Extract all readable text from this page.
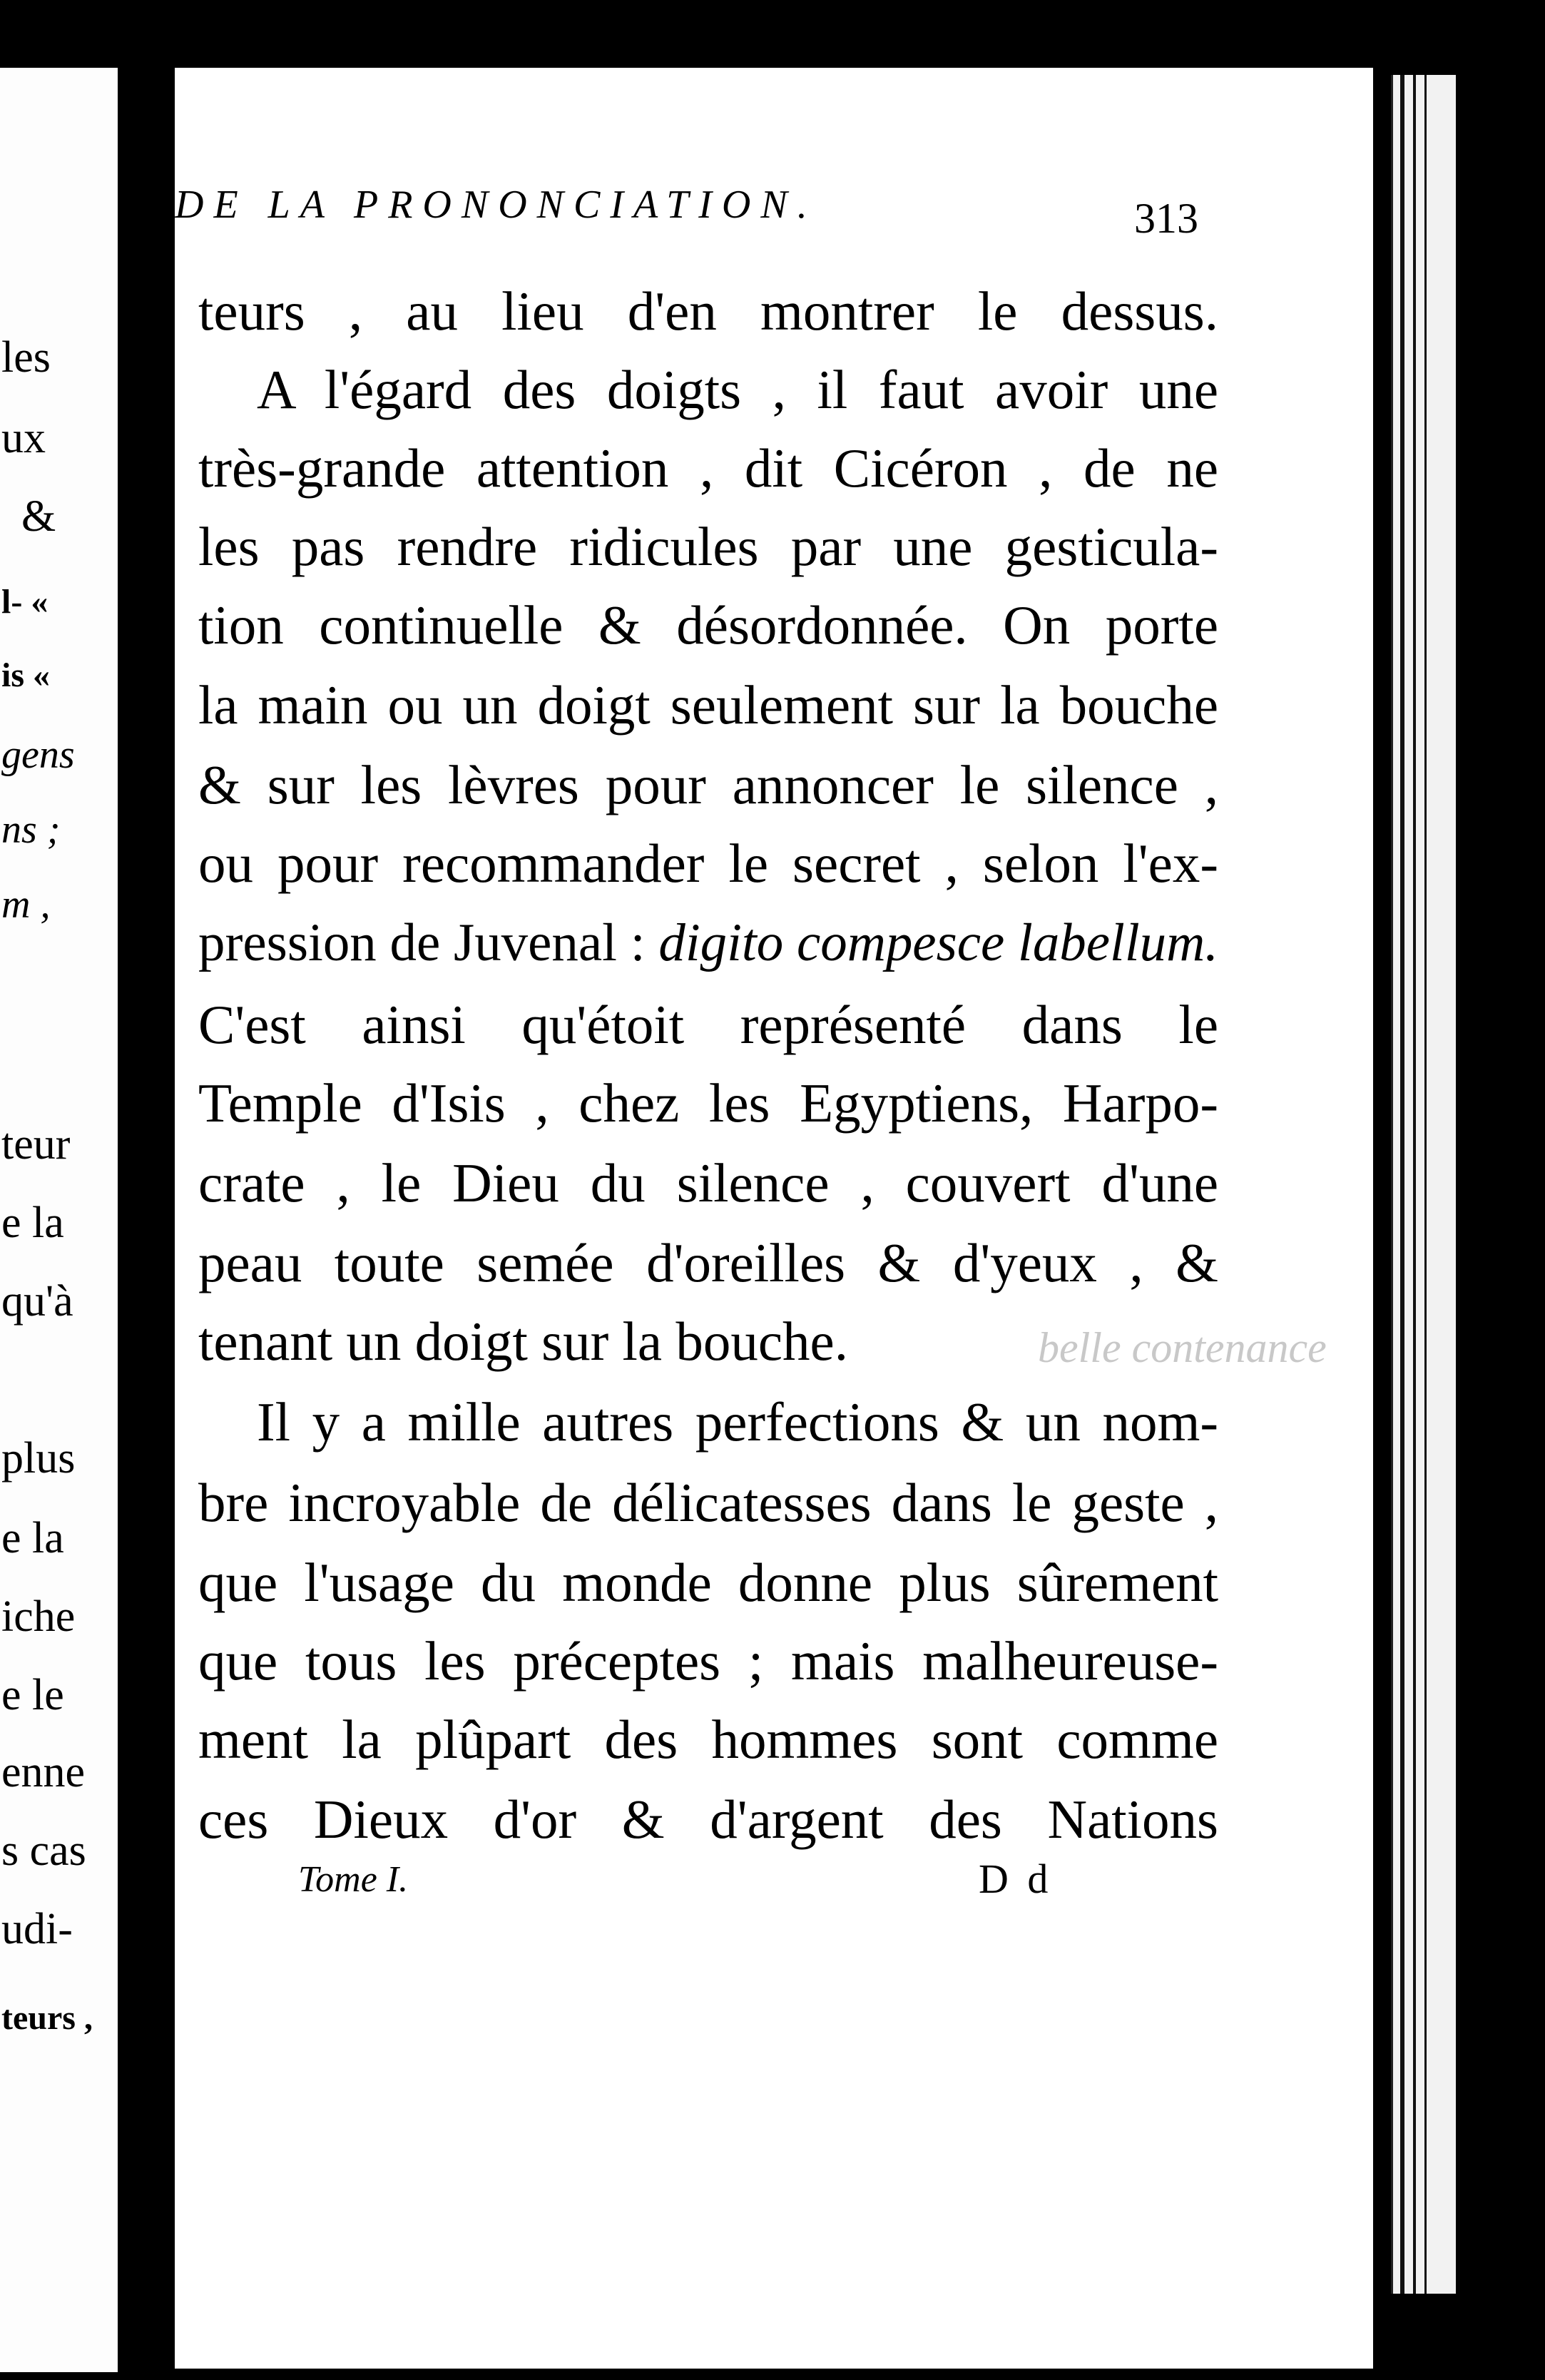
les
ux
&
l- «
is «
gens
ns ;
m ,
teur
e la
qu'à
plus
e la
iche
e le
enne
s cas
udi-
teurs ,
belle contenance
DE LA PRONONCIATION.	313
teurs , au lieu d'en montrer le dessus.
A l'égard des doigts , il faut avoir une
très-grande attention , dit Cicéron , de ne
les pas rendre ridicules par une gesticula-
tion continuelle & désordonnée. On porte
la main ou un doigt seulement sur la bouche
& sur les lèvres pour annoncer le silence ,
ou pour recommander le secret , selon l'ex-
pression de Juvenal : digito compesce labellum.
C'est ainsi qu'étoit représenté dans le
Temple d'Isis , chez les Egyptiens, Harpo-
crate , le Dieu du silence , couvert d'une
peau toute semée d'oreilles & d'yeux , &
tenant un doigt sur la bouche.
Il y a mille autres perfections & un nom-
bre incroyable de délicatesses dans le geste ,
que l'usage du monde donne plus sûrement
que tous les préceptes ; mais malheureuse-
ment la plûpart des hommes sont comme
ces Dieux d'or & d'argent des Nations
Tome I.	D d
